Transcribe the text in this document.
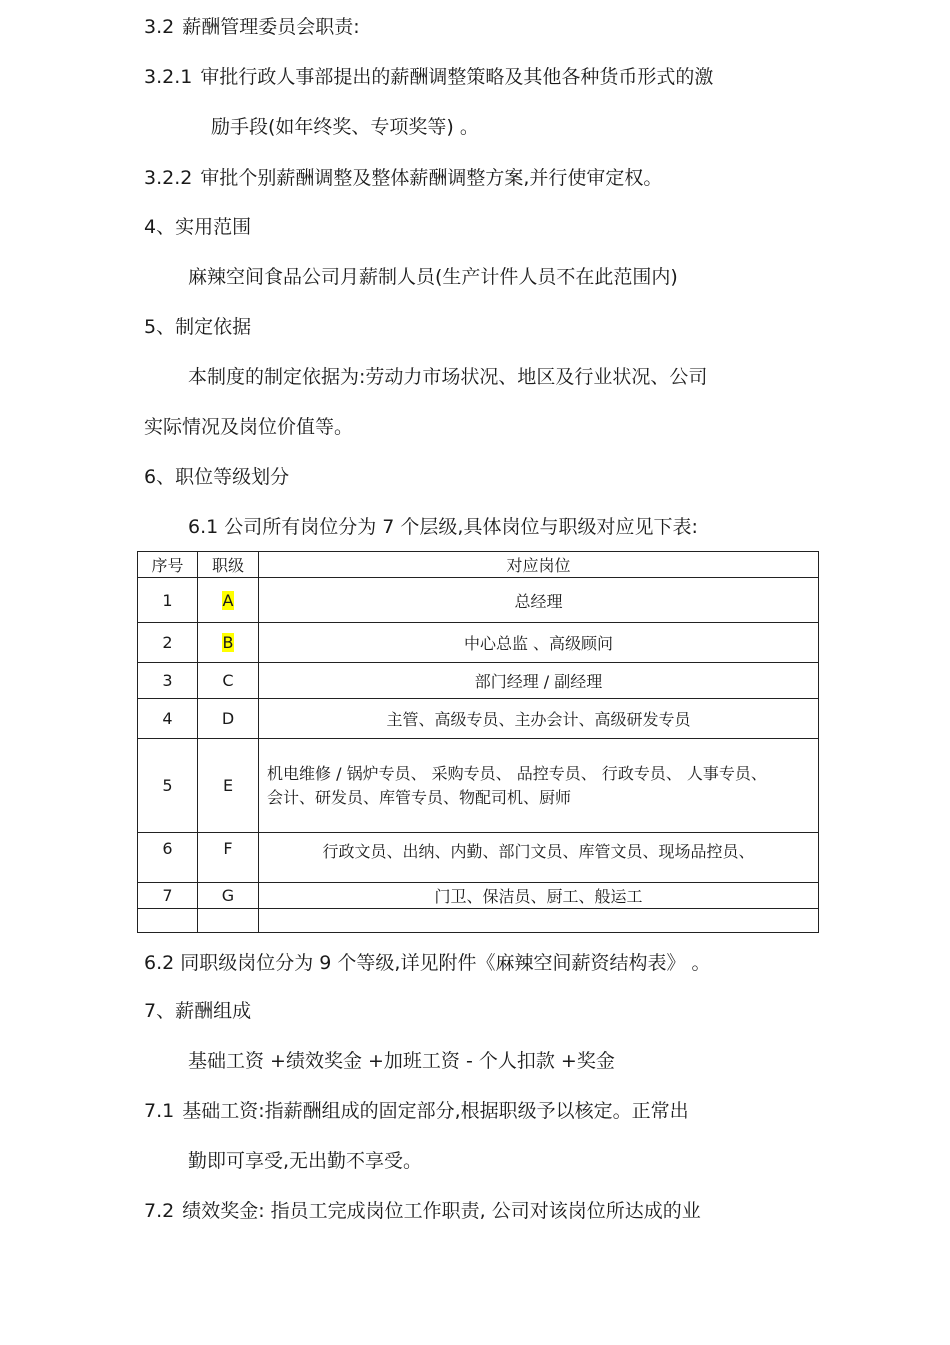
3.2 薪酬管理委员会职责:
3.2.1 审批行政人事部提出的薪酬调整策略及其他各种货币形式的激
励手段(如年终奖、专项奖等) 。
3.2.2 审批个别薪酬调整及整体薪酬调整方案,并行使审定权。
4、实用范围
麻辣空间食品公司月薪制人员(生产计件人员不在此范围内)
5、制定依据
本制度的制定依据为:劳动力市场状况、地区及行业状况、公司
实际情况及岗位价值等。
6、职位等级划分
6.1 公司所有岗位分为 7 个层级,具体岗位与职级对应见下表:
序号	职级	对应岗位
1	A	总经理
2	B	中心总监 、高级顾问
3	C	部门经理 / 副经理
4	D	主管、高级专员、主办会计、高级研发专员
5	E	机电维修 / 锅炉专员、 采购专员、 品控专员、 行政专员、 人事专员、
会计、研发员、库管专员、物配司机、厨师

6	F	行政文员、出纳、内勤、部门文员、库管文员、现场品控员、
7	G	门卫、保洁员、厨工、般运工

6.2 同职级岗位分为 9 个等级,详见附件《麻辣空间薪资结构表》 。
7、薪酬组成
基础工资 +绩效奖金 +加班工资 - 个人扣款 +奖金
7.1 基础工资:指薪酬组成的固定部分,根据职级予以核定。正常出
勤即可享受,无出勤不享受。
7.2 绩效奖金: 指员工完成岗位工作职责, 公司对该岗位所达成的业
